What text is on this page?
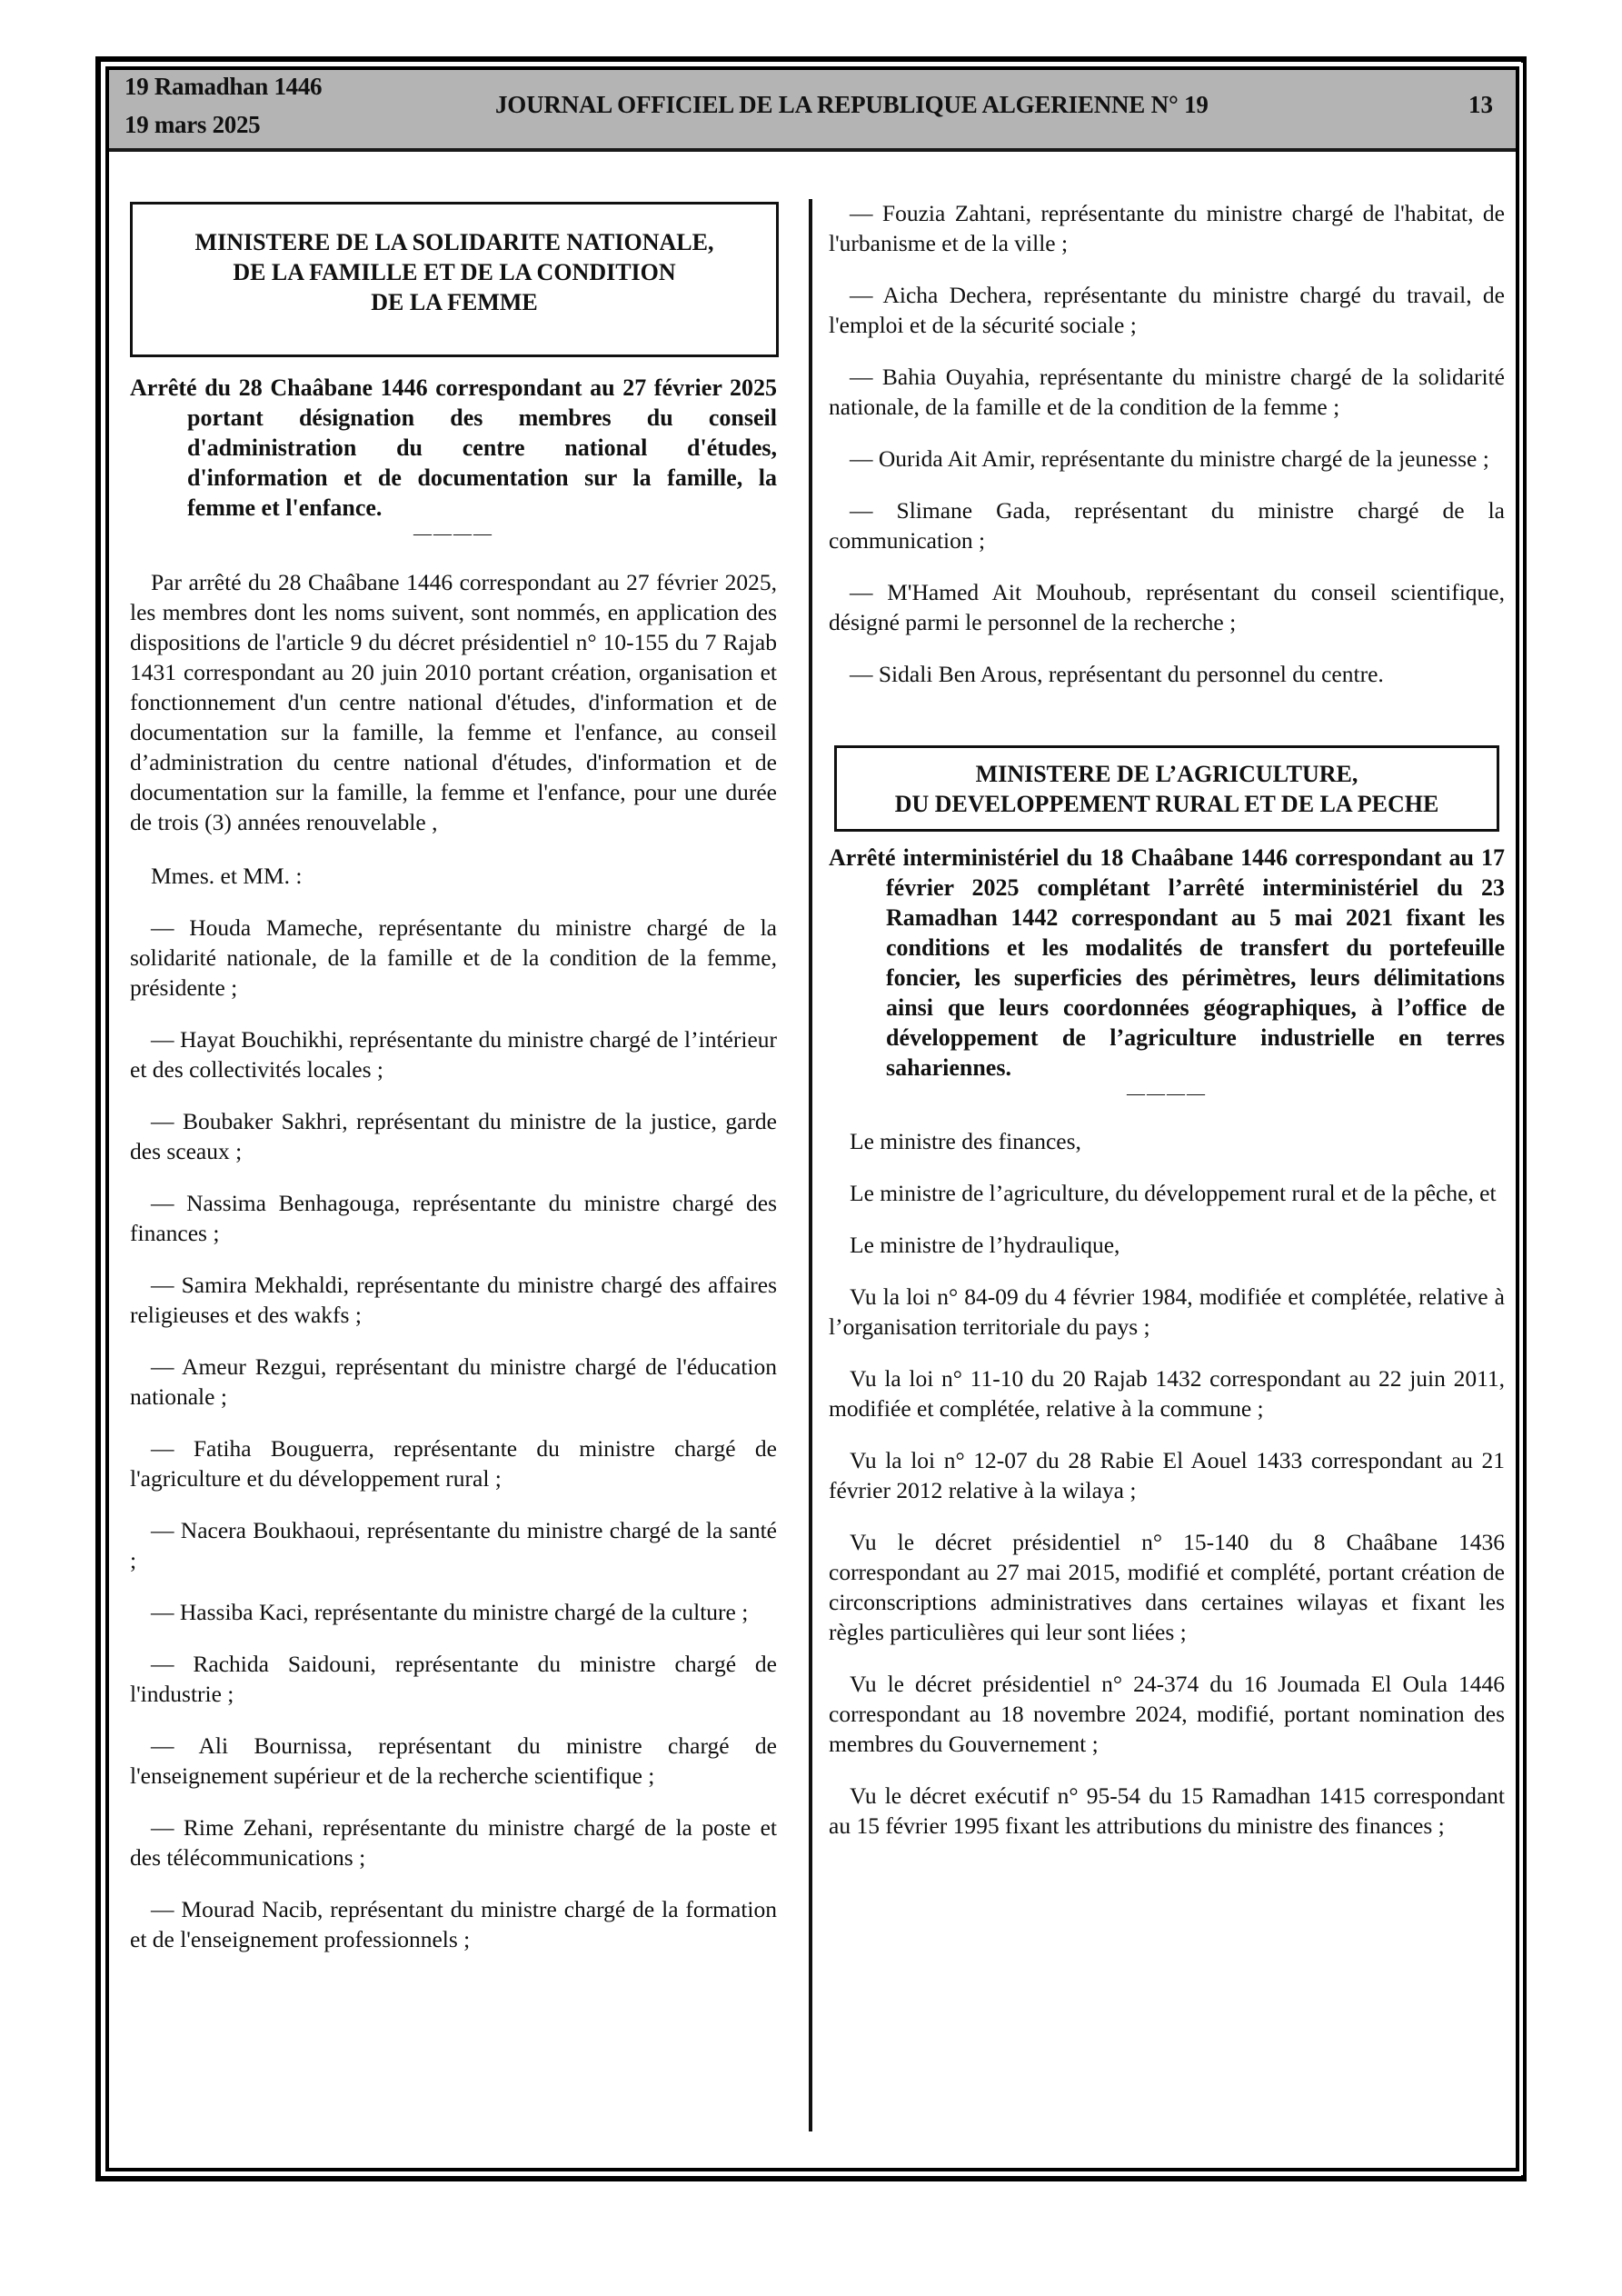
19 Ramadhan 1446
19 mars 2025
JOURNAL OFFICIEL DE LA REPUBLIQUE ALGERIENNE N° 19	13
MINISTERE DE LA SOLIDARITE NATIONALE,
DE LA FAMILLE ET DE LA CONDITION
DE LA FEMME

Arrêté du 28 Chaâbane 1446 correspondant au 27 février 2025 portant désignation des membres du conseil d'administration du centre national d'études, d'information et de documentation sur la famille, la femme et l'enfance.

————

Par arrêté du 28 Chaâbane 1446 correspondant au 27 février 2025, les membres dont les noms suivent, sont nommés, en application des dispositions de l'article 9 du décret présidentiel n° 10-155 du 7 Rajab 1431 correspondant au 20 juin 2010 portant création, organisation et fonctionnement d'un centre national d'études, d'information et de documentation sur la famille, la femme et l'enfance, au conseil d’administration du centre national d'études, d'information et de documentation sur la famille, la femme et l'enfance, pour une durée de trois (3) années renouvelable ,

Mmes. et MM. :

— Houda Mameche, représentante du ministre chargé de la solidarité nationale, de la famille et de la condition de la femme, présidente ;

— Hayat Bouchikhi, représentante du ministre chargé de l’intérieur et des collectivités locales ;

— Boubaker Sakhri, représentant du ministre de la justice, garde des sceaux ;

— Nassima Benhagouga, représentante du ministre chargé des finances ;

— Samira Mekhaldi, représentante du ministre chargé des affaires religieuses et des wakfs ;

— Ameur Rezgui, représentant du ministre chargé de l'éducation nationale ;

— Fatiha Bouguerra, représentante du ministre chargé de l'agriculture et du développement rural ;

— Nacera Boukhaoui, représentante du ministre chargé de la santé ;

— Hassiba Kaci, représentante du ministre chargé de la culture ;

— Rachida Saidouni, représentante du ministre chargé de l'industrie ;

— Ali Bournissa, représentant du ministre chargé de l'enseignement supérieur et de la recherche scientifique ;

— Rime Zehani, représentante du ministre chargé de la poste et des télécommunications ;

— Mourad Nacib, représentant du ministre chargé de la formation et de l'enseignement professionnels ;

— Fouzia Zahtani, représentante du ministre chargé de l'habitat, de l'urbanisme et de la ville ;

— Aicha Dechera, représentante du ministre chargé du travail, de l'emploi et de la sécurité sociale ;

— Bahia Ouyahia, représentante du ministre chargé de la solidarité nationale, de la famille et de la condition de la femme ;

— Ourida Ait Amir, représentante du ministre chargé de la jeunesse ;

— Slimane Gada, représentant du ministre chargé de la communication ;

— M'Hamed Ait Mouhoub, représentant du conseil scientifique, désigné parmi le personnel de la recherche ;

— Sidali Ben Arous, représentant du personnel du centre.

MINISTERE DE L’AGRICULTURE,
DU DEVELOPPEMENT RURAL ET DE LA PECHE

Arrêté interministériel du 18 Chaâbane 1446 correspondant au 17 février 2025 complétant l’arrêté interministériel du 23 Ramadhan 1442 correspondant au 5 mai 2021 fixant les conditions et les modalités de transfert du portefeuille foncier, les superficies des périmètres, leurs délimitations ainsi que leurs coordonnées géographiques, à l’office de développement de l’agriculture industrielle en terres sahariennes.

————

Le ministre des finances,

Le ministre de l’agriculture, du développement rural et de la pêche, et

Le ministre de l’hydraulique,

Vu la loi n° 84-09 du 4 février 1984, modifiée et complétée, relative à l’organisation territoriale du pays ;

Vu la loi n° 11-10 du 20 Rajab 1432 correspondant au 22 juin 2011, modifiée et complétée, relative à la commune ;

Vu la loi n° 12-07 du 28 Rabie El Aouel 1433 correspondant au 21 février 2012 relative à la wilaya ;

Vu le décret présidentiel n° 15-140 du 8 Chaâbane 1436 correspondant au 27 mai 2015, modifié et complété, portant création de circonscriptions administratives dans certaines wilayas et fixant les règles particulières qui leur sont liées ;

Vu le décret présidentiel n° 24-374 du 16 Joumada El Oula 1446 correspondant au 18 novembre 2024, modifié, portant nomination des membres du Gouvernement ;

Vu le décret exécutif n° 95-54 du 15 Ramadhan 1415 correspondant au 15 février 1995 fixant les attributions du ministre des finances ;
